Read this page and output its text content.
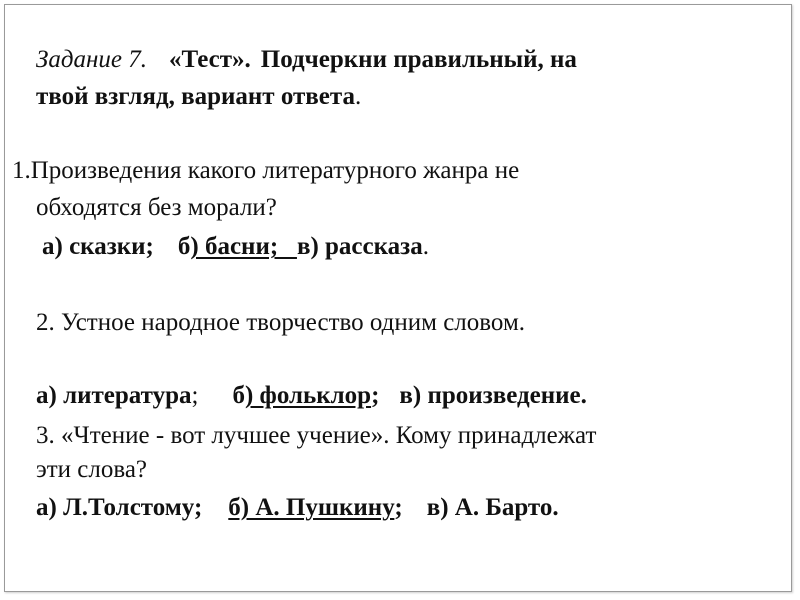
Задание 7. «Тест». Подчеркни правильный, на
твой взгляд, вариант ответа.
1.Произведения какого литературного жанра не
обходятся без морали?
а) сказки; б) басни;   в) рассказа.
2. Устное народное творчество одним словом.
а) литература; б) фольклор; в) произведение.
3. «Чтение - вот лучшее учение». Кому принадлежат
эти слова?
а) Л.Толстому; б) А. Пушкину; в) А. Барто.
